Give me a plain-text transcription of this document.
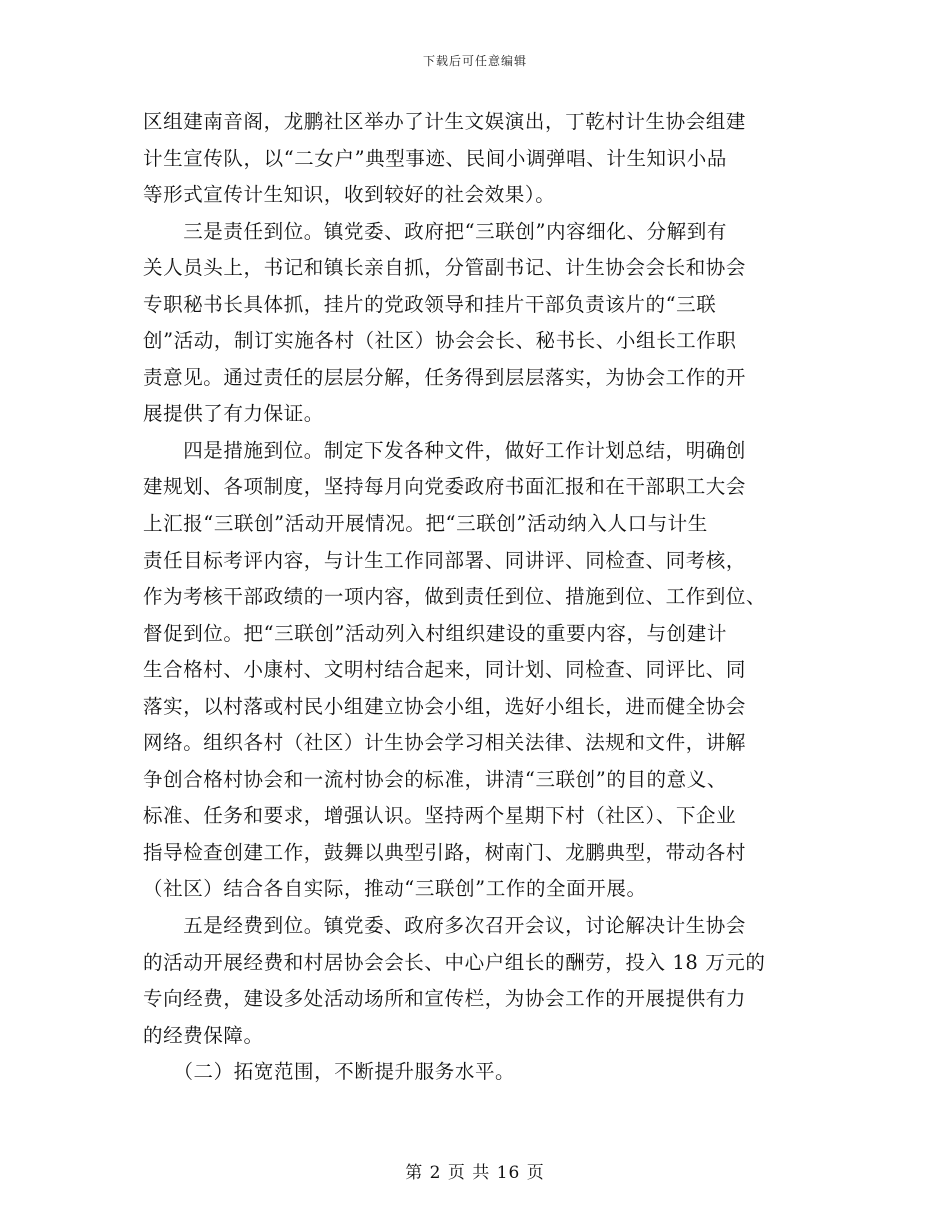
下载后可任意编辑
区组建南音阁，龙鹏社区举办了计生文娱演出，丁乾村计生协会组建
计生宣传队，以“二女户”典型事迹、民间小调弹唱、计生知识小品
等形式宣传计生知识，收到较好的社会效果）。
　　三是责任到位。镇党委、政府把“三联创”内容细化、分解到有
关人员头上，书记和镇长亲自抓，分管副书记、计生协会会长和协会
专职秘书长具体抓，挂片的党政领导和挂片干部负责该片的“三联
创”活动，制订实施各村（社区）协会会长、秘书长、小组长工作职
责意见。通过责任的层层分解，任务得到层层落实，为协会工作的开
展提供了有力保证。
　　四是措施到位。制定下发各种文件，做好工作计划总结，明确创
建规划、各项制度，坚持每月向党委政府书面汇报和在干部职工大会
上汇报“三联创”活动开展情况。把“三联创”活动纳入人口与计生
责任目标考评内容，与计生工作同部署、同讲评、同检查、同考核，
作为考核干部政绩的一项内容，做到责任到位、措施到位、工作到位、
督促到位。把“三联创”活动列入村组织建设的重要内容，与创建计
生合格村、小康村、文明村结合起来，同计划、同检查、同评比、同
落实，以村落或村民小组建立协会小组，选好小组长，进而健全协会
网络。组织各村（社区）计生协会学习相关法律、法规和文件，讲解
争创合格村协会和一流村协会的标准，讲清“三联创”的目的意义、
标准、任务和要求，增强认识。坚持两个星期下村（社区）、下企业
指导检查创建工作，鼓舞以典型引路，树南门、龙鹏典型，带动各村
（社区）结合各自实际，推动“三联创”工作的全面开展。
　　五是经费到位。镇党委、政府多次召开会议，讨论解决计生协会
的活动开展经费和村居协会会长、中心户组长的酬劳，投入 18 万元的
专向经费，建设多处活动场所和宣传栏，为协会工作的开展提供有力
的经费保障。
　　（二）拓宽范围，不断提升服务水平。
第 2 页 共 16 页
